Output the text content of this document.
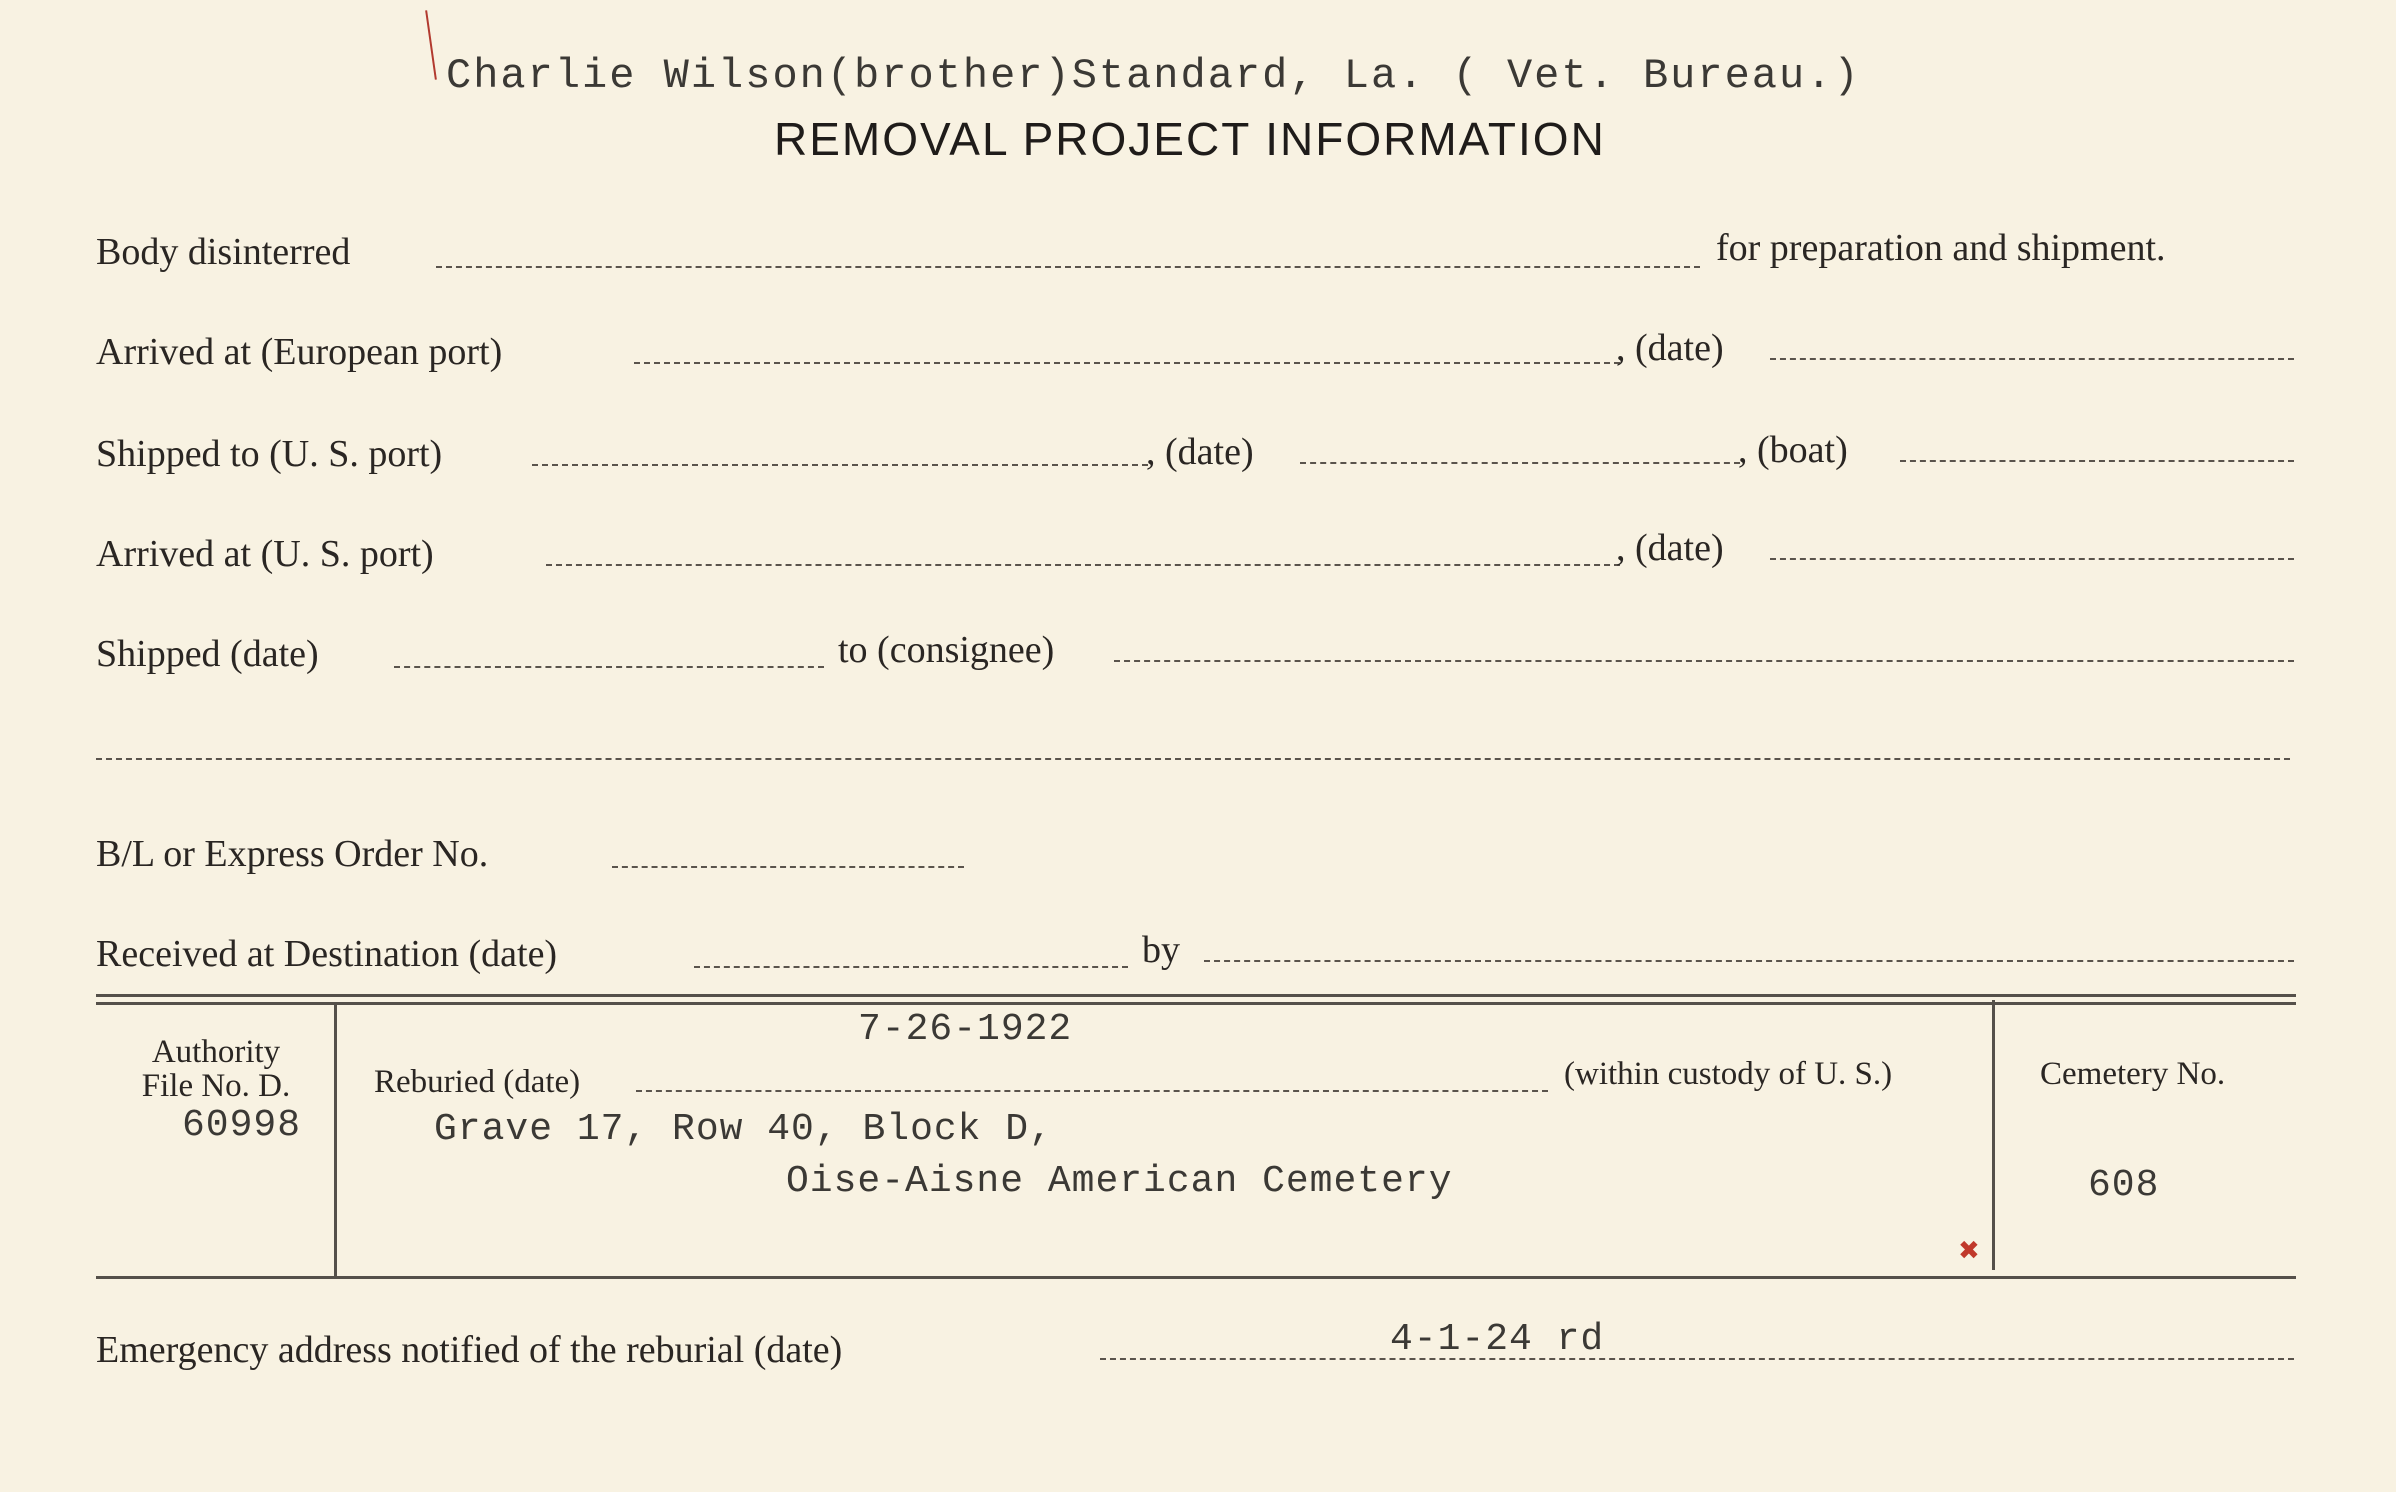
Charlie Wilson(brother)Standard, La. ( Vet. Bureau.)
REMOVAL PROJECT INFORMATION
Body disinterred	for preparation and shipment.
Arrived at (European port)	, (date)
Shipped to (U. S. port)	, (date)	, (boat)
Arrived at (U. S. port)	, (date)
Shipped (date)	to (consignee)
B/L or Express Order No.
Received at Destination (date)	by
Authority
File No. D.
60998
7-26-1922
Reburied (date)	(within custody of U. S.)
Grave 17, Row 40, Block D,
Oise-Aisne American Cemetery
Cemetery No.
608
✖
Emergency address notified of the reburial (date)	4-1-24 rd
